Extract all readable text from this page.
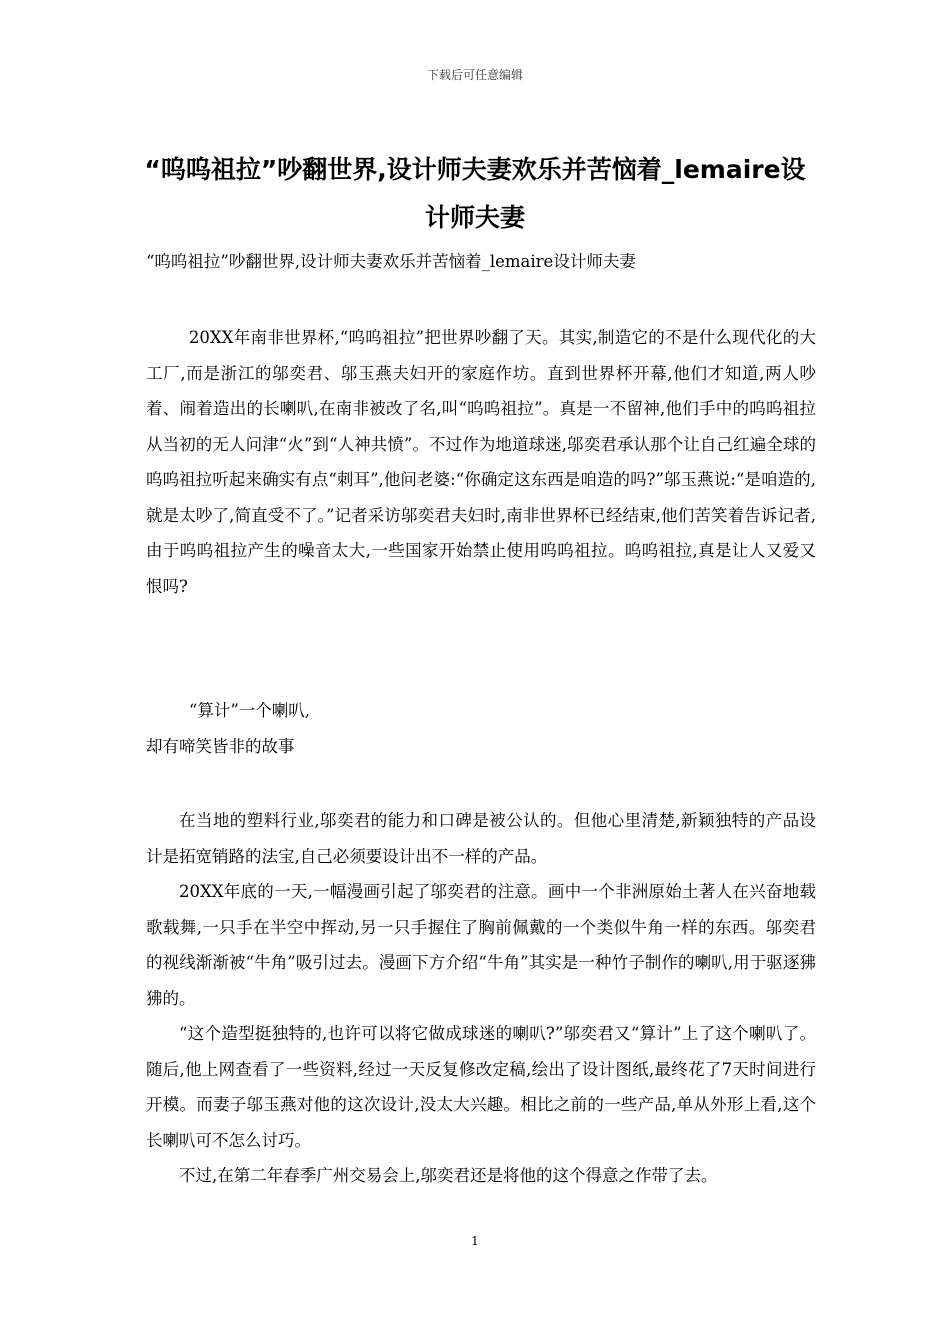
下载后可任意编辑
“呜呜祖拉”吵翻世界,设计师夫妻欢乐并苦恼着_lemaire设计师夫妻
“呜呜祖拉”吵翻世界,设计师夫妻欢乐并苦恼着_lemaire设计师夫妻

20XX年南非世界杯,“呜呜祖拉”把世界吵翻了天。其实,制造它的不是什么现代化的大工厂,而是浙江的邬奕君、邬玉燕夫妇开的家庭作坊。直到世界杯开幕,他们才知道,两人吵着、闹着造出的长喇叭,在南非被改了名,叫“呜呜祖拉”。真是一不留神,他们手中的呜呜祖拉从当初的无人问津“火”到“人神共愤”。不过作为地道球迷,邬奕君承认那个让自己红遍全球的呜呜祖拉听起来确实有点“刺耳”,他问老婆:“你确定这东西是咱造的吗?”邬玉燕说:“是咱造的,就是太吵了,简直受不了。”记者采访邬奕君夫妇时,南非世界杯已经结束,他们苦笑着告诉记者,由于呜呜祖拉产生的噪音太大,一些国家开始禁止使用呜呜祖拉。呜呜祖拉,真是让人又爱又恨吗?

“算计”一个喇叭,

却有啼笑皆非的故事

在当地的塑料行业,邬奕君的能力和口碑是被公认的。但他心里清楚,新颖独特的产品设计是拓宽销路的法宝,自己必须要设计出不一样的产品。

20XX年底的一天,一幅漫画引起了邬奕君的注意。画中一个非洲原始土著人在兴奋地载歌载舞,一只手在半空中挥动,另一只手握住了胸前佩戴的一个类似牛角一样的东西。邬奕君的视线渐渐被“牛角”吸引过去。漫画下方介绍“牛角”其实是一种竹子制作的喇叭,用于驱逐狒狒的。

“这个造型挺独特的,也许可以将它做成球迷的喇叭?”邬奕君又“算计”上了这个喇叭了。随后,他上网查看了一些资料,经过一天反复修改定稿,绘出了设计图纸,最终花了7天时间进行开模。而妻子邬玉燕对他的这次设计,没太大兴趣。相比之前的一些产品,单从外形上看,这个长喇叭可不怎么讨巧。

不过,在第二年春季广州交易会上,邬奕君还是将他的这个得意之作带了去。

1
